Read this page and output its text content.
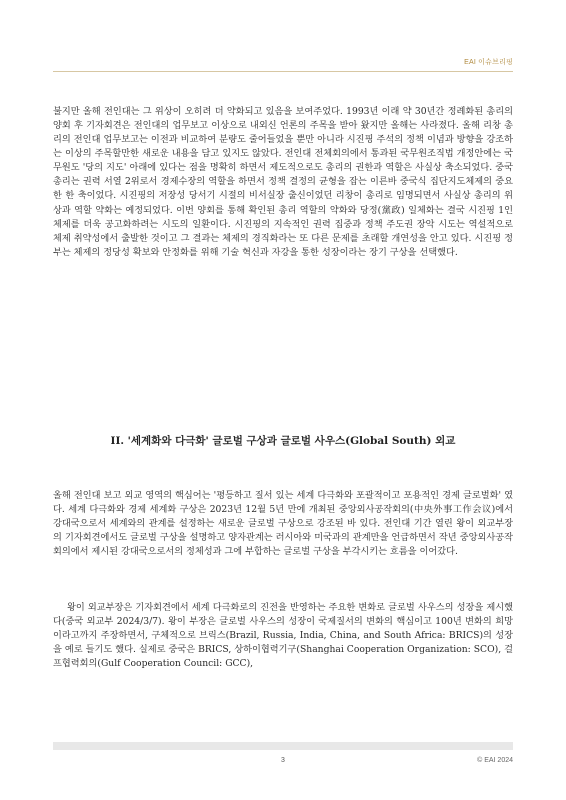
EAI 이슈브리핑

불지만 올해 전인대는 그 위상이 오히려 더 약화되고 있음을 보여주었다. 1993년 이래 약 30년간 정례화된 총리의 양회 후 기자회견은 전인대의 업무보고 이상으로 내외신 언론의 주목을 받아 왔지만 올해는 사라졌다. 올해 리창 총리의 전인대 업무보고는 이전과 비교하여 분량도 줄어들었을 뿐만 아니라 시진핑 주석의 정책 이념과 방향을 강조하는 이상의 주목할만한 새로운 내용을 담고 있지도 않았다. 전인대 전체회의에서 통과된 국무원조직법 개정안에는 국무원도 '당의 지도' 아래에 있다는 점을 명확히 하면서 제도적으로도 총리의 권한과 역할은 사실상 축소되었다. 중국 총리는 권력 서열 2위로서 경제수장의 역할을 하면서 정책 결정의 균형을 잡는 이른바 중국식 집단지도체제의 중요한 한 축이었다. 시진핑의 저장성 당서기 시절의 비서실장 출신이었던 리창이 총리로 임명되면서 사실상 총리의 위상과 역할 약화는 예정되었다. 이번 양회를 통해 확인된 총리 역할의 약화와 당정(黨政) 일체화는 결국 시진핑 1인 체제를 더욱 공고화하려는 시도의 일환이다. 시진핑의 지속적인 권력 집중과 정책 주도권 장악 시도는 역설적으로 체제 취약성에서 출발한 것이고 그 결과는 체제의 경직화라는 또 다른 문제를 초래할 개연성을 안고 있다. 시진핑 정부는 체제의 정당성 확보와 안정화를 위해 기술 혁신과 자강을 통한 성장이라는 장기 구상을 선택했다.

II. '세계화와 다극화' 글로벌 구상과 글로벌 사우스(Global South) 외교

올해 전인대 보고 외교 영역의 핵심어는 '평등하고 질서 있는 세계 다극화와 포괄적이고 포용적인 경제 글로벌화' 였다. 세계 다극화와 경제 세계화 구상은 2023년 12월 5년 만에 개최된 중앙외사공작회의(中央外事工作会议)에서 강대국으로서 세계와의 관계를 설정하는 새로운 글로벌 구상으로 강조된 바 있다. 전인대 기간 열린 왕이 외교부장의 기자회견에서도 글로벌 구상을 설명하고 양자관계는 러시아와 미국과의 관계만을 언급하면서 작년 중앙외사공작회의에서 제시된 강대국으로서의 정체성과 그에 부합하는 글로벌 구상을 부각시키는 흐름을 이어갔다.

왕이 외교부장은 기자회견에서 세계 다극화로의 진전을 반영하는 주요한 변화로 글로벌 사우스의 성장을 제시했다(중국 외교부 2024/3/7). 왕이 부장은 글로벌 사우스의 성장이 국제질서의 변화의 핵심이고 100년 변화의 희망이라고까지 주장하면서, 구체적으로 브릭스(Brazil, Russia, India, China, and South Africa: BRICS)의 성장을 예로 들기도 했다. 실제로 중국은 BRICS, 상하이협력기구(Shanghai Cooperation Organization: SCO), 걸프협력회의(Gulf Cooperation Council: GCC),

3	© EAI 2024
